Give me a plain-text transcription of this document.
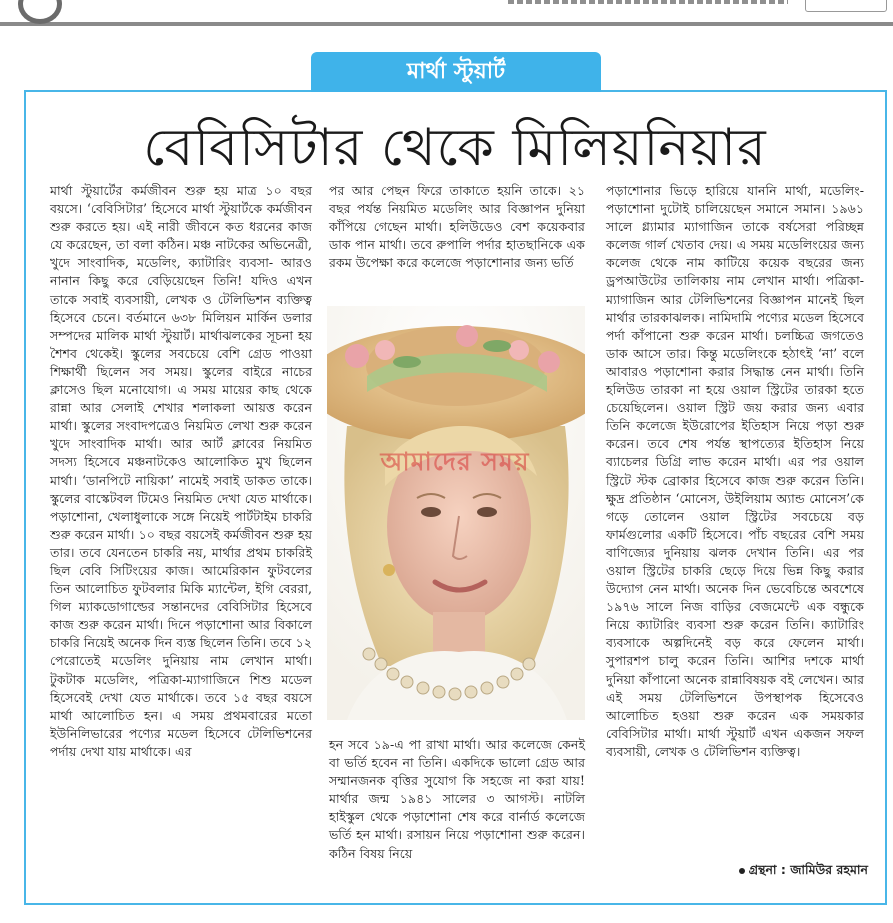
মার্থা স্টুয়ার্ট
বেবিসিটার থেকে মিলিয়নিয়ার
মার্থা স্টুয়ার্টের কর্মজীবন শুরু হয় মাত্র ১০ বছর বয়সে। ‘বেবিসিটার’ হিসেবে মার্থা স্টুয়ার্টকে কর্মজীবন শুরু করতে হয়। এই নারী জীবনে কত ধরনের কাজ যে করেছেন, তা বলা কঠিন। মঞ্চ নাটকের অভিনেত্রী, খুদে সাংবাদিক, মডেলিং, ক্যাটারিং ব্যবসা- আরও নানান কিছু করে বেড়িয়েছেন তিনি! যদিও এখন তাকে সবাই ব্যবসায়ী, লেখক ও টেলিভিশন ব্যক্তিত্ব হিসেবে চেনে। বর্তমানে ৬৩৮ মিলিয়ন মার্কিন ডলার সম্পদের মালিক মার্থা স্টুয়ার্ট। মার্থাঝলকের সূচনা হয় শৈশব থেকেই। স্কুলের সবচেয়ে বেশি গ্রেড পাওয়া শিক্ষার্থী ছিলেন সব সময়। স্কুলের বাইরে নাচের ক্লাসেও ছিল মনোযোগ। এ সময় মায়ের কাছ থেকে রান্না আর সেলাই শেখার শলাকলা আয়ত্ত করেন মার্থা। স্কুলের সংবাদপত্রেও নিয়মিত লেখা শুরু করেন খুদে সাংবাদিক মার্থা। আর আর্ট ক্লাবের নিয়মিত সদস্য হিসেবে মঞ্চনাটকেও আলোকিত মুখ ছিলেন মার্থা। ‘ডানপিটে নায়িকা’ নামেই সবাই ডাকত তাকে। স্কুলের বাস্কেটবল টিমেও নিয়মিত দেখা যেত মার্থাকে। পড়াশোনা, খেলাধুলাকে সঙ্গে নিয়েই পার্টটাইম চাকরি শুরু করেন মার্থা। ১০ বছর বয়সেই কর্মজীবন শুরু হয় তার। তবে যেনতেন চাকরি নয়, মার্থার প্রথম চাকরিই ছিল বেবি সিটিংয়ের কাজ। আমেরিকান ফুটবলের তিন আলোচিত ফুটবলার মিকি ম্যান্টেল, ইগি বেররা, গিল ম্যাকডোগাল্ডের সন্তানদের বেবিসিটার হিসেবে কাজ শুরু করেন মার্থা। দিনে পড়াশোনা আর বিকালে চাকরি নিয়েই অনেক দিন ব্যস্ত ছিলেন তিনি। তবে ১২ পেরোতেই মডেলিং দুনিয়ায় নাম লেখান মার্থা। টুকটাক মডেলিং, পত্রিকা-ম্যাগাজিনে শিশু মডেল হিসেবেই দেখা যেত মার্থাকে। তবে ১৫ বছর বয়সে মার্থা আলোচিত হন। এ সময় প্রথমবারের মতো ইউনিলিভারের পণ্যের মডেল হিসেবে টেলিভিশনের পর্দায় দেখা যায় মার্থাকে। এর
পর আর পেছন ফিরে তাকাতে হয়নি তাকে। ২১ বছর পর্যন্ত নিয়মিত মডেলিং আর বিজ্ঞাপন দুনিয়া কাঁপিয়ে গেছেন মার্থা। হলিউডেও বেশ কয়েকবার ডাক পান মার্থা। তবে রুপালি পর্দার হাতছানিকে এক রকম উপেক্ষা করে কলেজে পড়াশোনার জন্য ভর্তি
আমাদের সময়
হন সবে ১৯-এ পা রাখা মার্থা। আর কলেজে কেনই বা ভর্তি হবেন না তিনি। একদিকে ভালো গ্রেড আর সম্মানজনক বৃত্তির সুযোগ কি সহজে না করা যায়! মার্থার জন্ম ১৯৪১ সালের ৩ আগস্ট। নাটলি হাইস্কুল থেকে পড়াশোনা শেষ করে বার্নার্ড কলেজে ভর্তি হন মার্থা। রসায়ন নিয়ে পড়াশোনা শুরু করেন। কঠিন বিষয় নিয়ে
পড়াশোনার ভিড়ে হারিয়ে যাননি মার্থা, মডেলিং-পড়াশোনা দুটোই চালিয়েছেন সমানে সমান। ১৯৬১ সালে গ্ল্যামার ম্যাগাজিন তাকে বর্ষসেরা পরিচ্ছন্ন কলেজ গার্ল খেতাব দেয়। এ সময় মডেলিংয়ের জন্য কলেজ থেকে নাম কাটিয়ে কয়েক বছরের জন্য ড্রপআউটের তালিকায় নাম লেখান মার্থা। পত্রিকা-ম্যাগাজিন আর টেলিভিশনের বিজ্ঞাপন মানেই ছিল মার্থার তারকাঝলক। নামিদামি পণ্যের মডেল হিসেবে পর্দা কাঁপানো শুরু করেন মার্থা। চলচ্চিত্র জগতেও ডাক আসে তার। কিন্তু মডেলিংকে হঠাৎই ‘না’ বলে আবারও পড়াশোনা করার সিদ্ধান্ত নেন মার্থা। তিনি হলিউড তারকা না হয়ে ওয়াল স্ট্রিটের তারকা হতে চেয়েছিলেন। ওয়াল স্ট্রিট জয় করার জন্য এবার তিনি কলেজে ইউরোপের ইতিহাস নিয়ে পড়া শুরু করেন। তবে শেষ পর্যন্ত স্থাপত্যের ইতিহাস নিয়ে ব্যাচেলর ডিগ্রি লাভ করেন মার্থা। এর পর ওয়াল স্ট্রিটে স্টক ব্রোকার হিসেবে কাজ শুরু করেন তিনি। ক্ষুদ্র প্রতিষ্ঠান ‘মোনেস, উইলিয়াম অ্যান্ড মোনেস’কে গড়ে তোলেন ওয়াল স্ট্রিটের সবচেয়ে বড় ফার্মগুলোর একটি হিসেবে। পাঁচ বছরের বেশি সময় বাণিজ্যের দুনিয়ায় ঝলক দেখান তিনি। এর পর ওয়াল স্ট্রিটের চাকরি ছেড়ে দিয়ে ভিন্ন কিছু করার উদ্যোগ নেন মার্থা। অনেক দিন ভেবেচিন্তে অবশেষে ১৯৭৬ সালে নিজ বাড়ির বেজমেন্টে এক বন্ধুকে নিয়ে ক্যাটারিং ব্যবসা শুরু করেন তিনি। ক্যাটারিং ব্যবসাকে অল্পদিনেই বড় করে ফেলেন মার্থা। সুপারশপ চালু করেন তিনি। আশির দশকে মার্থা দুনিয়া কাঁপানো অনেক রান্নাবিষয়ক বই লেখেন। আর এই সময় টেলিভিশনে উপস্থাপক হিসেবেও আলোচিত হওয়া শুরু করেন এক সময়কার বেবিসিটার মার্থা। মার্থা স্টুয়ার্ট এখন একজন সফল ব্যবসায়ী, লেখক ও টেলিভিশন ব্যক্তিত্ব।
গ্রন্থনা : জামিউর রহমান
